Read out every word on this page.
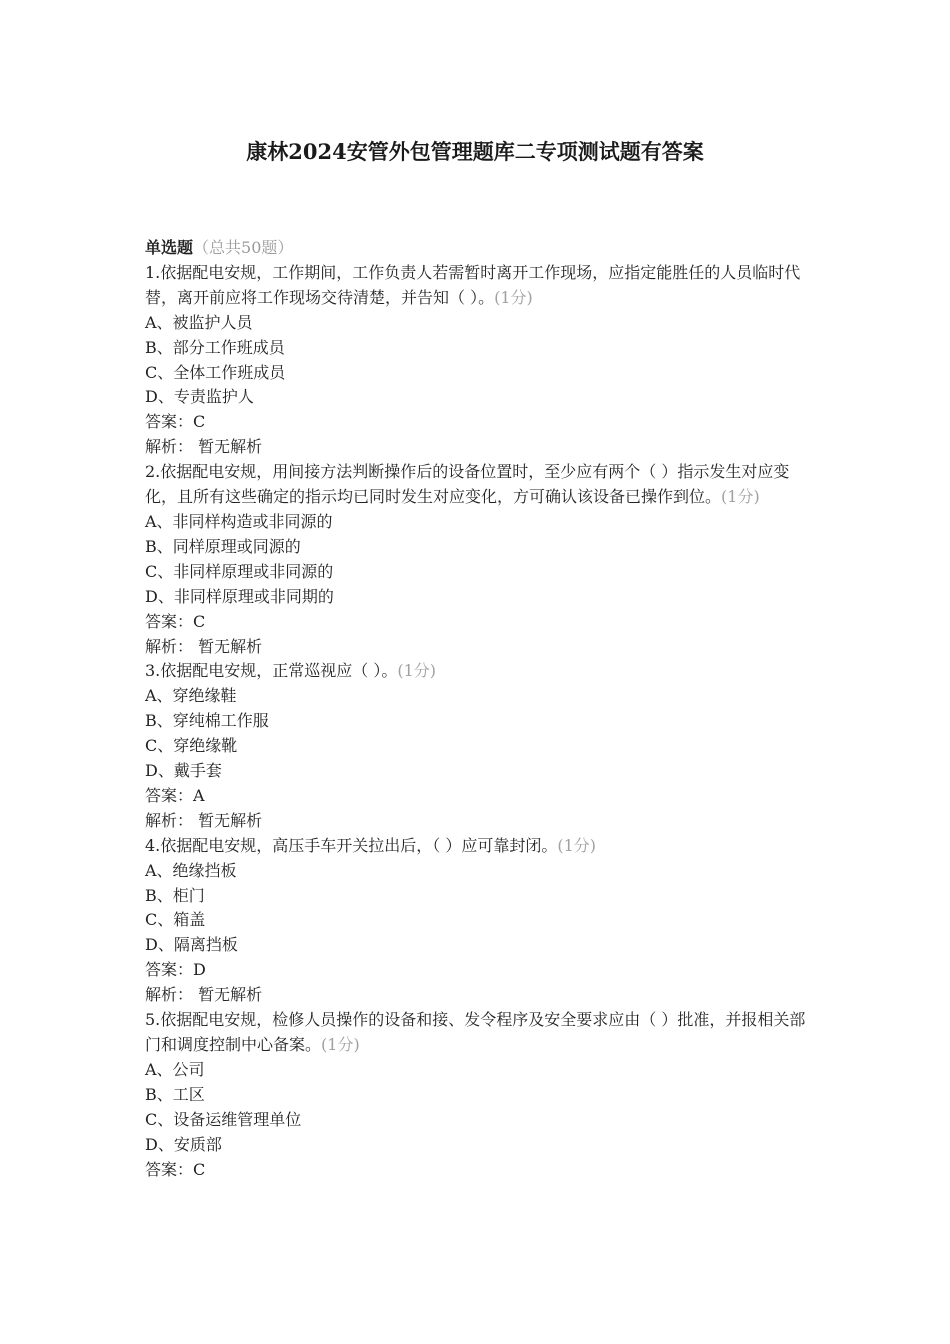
康林2024安管外包管理题库二专项测试题有答案
单选题（总共50题）
1.依据配电安规，工作期间，工作负责人若需暂时离开工作现场，应指定能胜任的人员临时代替，离开前应将工作现场交待清楚，并告知（ ）。(1分)
A、被监护人员
B、部分工作班成员
C、全体工作班成员
D、专责监护人
答案：C
解析： 暂无解析
2.依据配电安规，用间接方法判断操作后的设备位置时，至少应有两个（ ）指示发生对应变化，且所有这些确定的指示均已同时发生对应变化，方可确认该设备已操作到位。(1分)
A、非同样构造或非同源的
B、同样原理或同源的
C、非同样原理或非同源的
D、非同样原理或非同期的
答案：C
解析： 暂无解析
3.依据配电安规，正常巡视应（ ）。(1分)
A、穿绝缘鞋
B、穿纯棉工作服
C、穿绝缘靴
D、戴手套
答案：A
解析： 暂无解析
4.依据配电安规，高压手车开关拉出后，（ ）应可靠封闭。(1分)
A、绝缘挡板
B、柜门
C、箱盖
D、隔离挡板
答案：D
解析： 暂无解析
5.依据配电安规，检修人员操作的设备和接、发令程序及安全要求应由（ ）批准，并报相关部门和调度控制中心备案。(1分)
A、公司
B、工区
C、设备运维管理单位
D、安质部
答案：C
